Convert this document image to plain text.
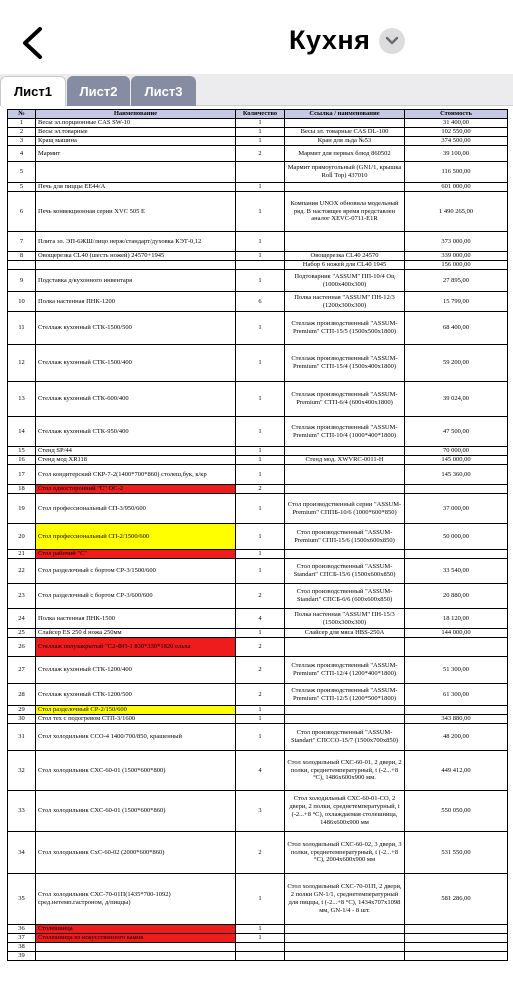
Кухня
Лист1	Лист2	Лист3
№	Наименование	Количество	Ссылка / наименование	Стоимость
1	Весы эл.порционные CAS SW-10	1		31 400,00
2	Весы эл.товарные	1	Весы эл. товарные CAS DL-100	102 550,00
3	Кращ машина	1	Кран для льда №53	374 500,00
4	Мармит	2	Мармит для первых блюд 860502	39 100,00
5			Мармит прямоугольный (GN1/1, крышка Roll Top) 437010	116 500,00
5	Печь для пиццы ЕЕ44/А	1		601 000,00
6	Печь конвекционная серии XVC 505 E	1	Компания UNOX обновила модельный ряд. В настоящее время представлен аналог XEVC-0711-E1R	1 490 265,00
7	Плита эл. ЭП-6ЖШ/лицо нерж/стандарт/духовка КЭТ-0,12	1		373 000,00
8	Овощерезка CL40 (шесть ножей) 24570+1945	1	Овощерезка CL40 24570	339 000,00
			Набор 6 ножей для CL40 1945	156 000,00
9	Подставка д/кухонного инвентаря	1	Подтоварник "ASSUM" ПП-10/4 Оц (1000х400х300)	27 895,00
10	Полка настенная ПНК-1200	6	Полка настенная "ASSUM" ПН-12/3 (1200х300х300)	15 799,00
11	Стеллаж кухонный СТК-1500/500	1	Стеллаж производственный "ASSUM-Premium" СТП-15/5 (1500х500х1800)	68 400,00
12	Стеллаж кухонный СТК-1500/400	1	Стеллаж производственный "ASSUM-Premium" СТП-15/4 (1500х400х1800)	59 200,00
13	Стеллаж кухонный СТК-600/400	1	Стеллаж производственный "ASSUM-Premium" СТП-6/4 (600х400х1800)	39 024,00
14	Стеллаж кухонный СТК-950/400	1	Стеллаж производственный "ASSUM-Premium" СТП-10/4 (1000*400*1800)	47 500,00
15	Стенд SP/44	1		70 000,00
16	Стенд мод XR118	1	Стенд мод. XWVRC-0011-H	145 000,00
17	Стол кондитерский СКР-7-2(1400*700*860) столеш,бук, к/кр	1		145 360,00
18	Стол односторонний "С" ОС-2	2		
19	Стол профессиональный СП-3/950/600	1	Стол производственный серии "ASSUM-Premium" СППБ-10/6 (1000*600*850)	37 000,00
20	Стол профессиональный СП-2/1500/600	1	Стол производственный "ASSUM-Premium" СПП-15/6 (1500х600х850)	50 000,00
21	Стол рабочий "С"	1		
22	Стол разделочный с бортом СР-3/1500/600	1	Стол производственный "ASSUM-Standart" СПСБ-15/6 (1500х600х850)	33 540,00
23	Стол разделочный с бортом СР-3/600/600	2	Стол производственный "ASSUM-Standart" СПСБ-6/6 (600х600х850)	20 880,00
24	Полка настенная ПНК-1500	4	Полка настенная "ASSUM" ПН-15/3 (1500х300х300)	18 120,00
25	Слайсер ES 250 d ножа 250мм	1	Слайсер для мяса HBS-250A	144 000,00
26	Стеллаж полузакрытый "С2-ФП-1 830*330*1820 ольха	2		
27	Стеллаж кухонный СТК-1200/400	2	Стеллаж производственный "ASSUM-Premium" СТП-12/4 (1200*400*1800)	51 300,00
28	Стеллаж кухонный СТК-1200/500	2	Стеллаж производственный "ASSUM-Premium" СТП-12/5 (1200*500*1800)	61 300,00
29	Стол разделочный СР-2/150/600	1		
30	Стол тех с подогревом СТП-3/1600	1		343 880,00
31	Стол холодильник ССО-4 1400/700/850, крашенный	1	Стол производственный "ASSUM-Standart" СПССО-15/7 (1500х700х850)	48 200,00
32	Стол холодильник СХС-60-01 (1500*600*800)	4	Стол холодильный СХС-60-01, 2 двери, 2 полки, среднетемпературный, t (-2...+8 °С), 1486х600х900 мм.	449 412,00
33	Стол холодильник СХС-60-01 (1500*600*860)	3	Стол холодильный СХС-60-01-СО, 2 двери, 2 полки, среднетемпературный, t (-2...+8 °С), охлаждаемая столешница, 1486х600х900 мм	550 050,00
34	Стол холодильник СхС-60-02 (2000*600*860)	2	Стол холодильный СХС-60-02, 3 двери, 3 полки, среднетемпературный, t (-2...+8 °С), 2004х600х900 мм	531 550,00
35	Стол холодильник СХС-70-01П(1435*700-1092) сред.нетемп.гастроном, д/пиццы)	1	Стол холодильный СХС-70-01П, 2 двери, 2 полки GN-1/1, среднетемпературный для пиццы, t (-2...+8 °С), 1434х707х1098 мм, GN-1/4 - 8 шт.	581 286,00
36	Столешница	1		
37	Столешница из искусственного камня	1		
38				
39				
